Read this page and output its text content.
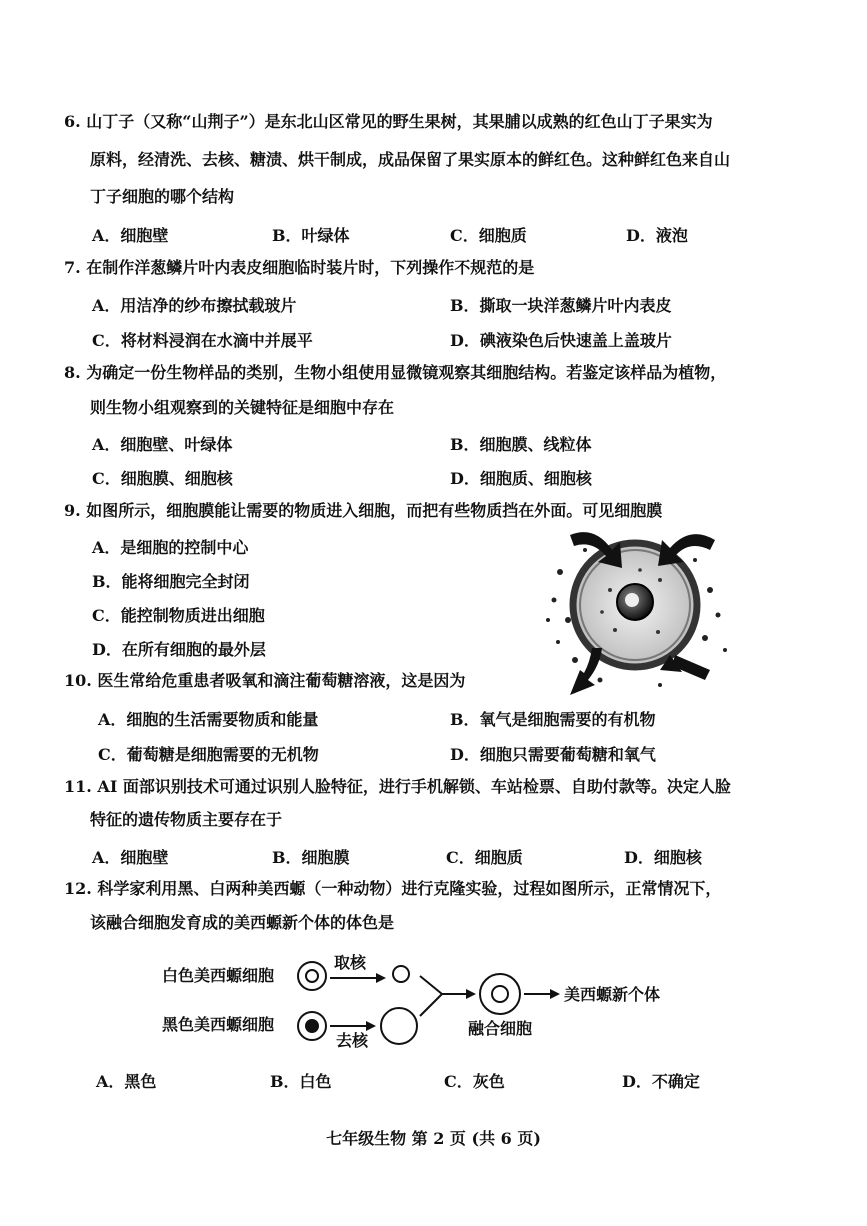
6. 山丁子（又称“山荆子”）是东北山区常见的野生果树，其果脯以成熟的红色山丁子果实为
原料，经清洗、去核、糖渍、烘干制成，成品保留了果实原本的鲜红色。这种鲜红色来自山
丁子细胞的哪个结构
A．细胞壁	B．叶绿体	C．细胞质	D．液泡
7. 在制作洋葱鳞片叶内表皮细胞临时装片时，下列操作不规范的是
A．用洁净的纱布擦拭载玻片	B．撕取一块洋葱鳞片叶内表皮
C．将材料浸润在水滴中并展平	D．碘液染色后快速盖上盖玻片
8. 为确定一份生物样品的类别，生物小组使用显微镜观察其细胞结构。若鉴定该样品为植物，
则生物小组观察到的关键特征是细胞中存在
A．细胞壁、叶绿体	B．细胞膜、线粒体
C．细胞膜、细胞核	D．细胞质、细胞核
9. 如图所示，细胞膜能让需要的物质进入细胞，而把有些物质挡在外面。可见细胞膜
A．是细胞的控制中心
B．能将细胞完全封闭
C．能控制物质进出细胞
D．在所有细胞的最外层
10. 医生常给危重患者吸氧和滴注葡萄糖溶液，这是因为
A．细胞的生活需要物质和能量	B．氧气是细胞需要的有机物
C．葡萄糖是细胞需要的无机物	D．细胞只需要葡萄糖和氧气
11. AI 面部识别技术可通过识别人脸特征，进行手机解锁、车站检票、自助付款等。决定人脸
特征的遗传物质主要存在于
A．细胞壁	B．细胞膜	C．细胞质	D．细胞核
12. 科学家利用黑、白两种美西螈（一种动物）进行克隆实验，过程如图所示，正常情况下，
该融合细胞发育成的美西螈新个体的体色是
白色美西螈细胞
黑色美西螈细胞
取核
去核
融合细胞
美西螈新个体
A．黑色	B．白色	C．灰色	D．不确定
七年级生物 第 2 页 (共 6 页)
